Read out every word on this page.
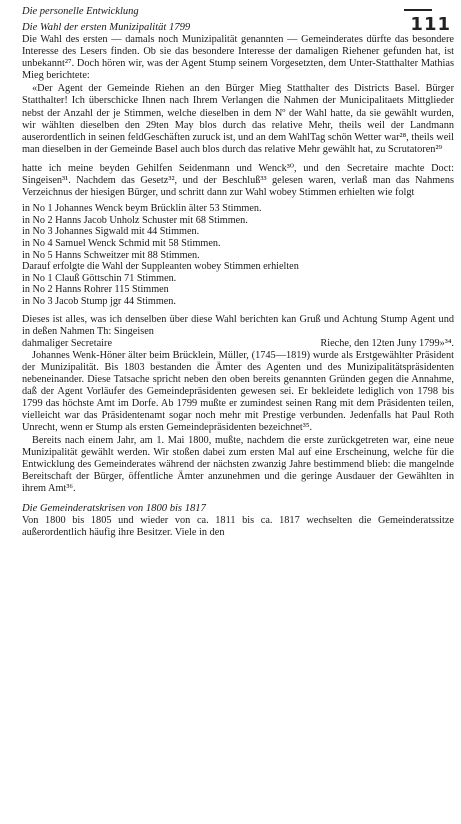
Die personelle Entwicklung
Die Wahl der ersten Munizipalität 1799

Die Wahl des ersten — damals noch Munizipalität genannten — Gemeinderates dürfte das besondere Interesse des Lesers finden. Ob sie das besondere Interesse der damaligen Riehener gefunden hat, ist unbekannt²⁷. Doch hören wir, was der Agent Stump seinem Vorgesetzten, dem Unter-Statthalter Mathias Mieg berichtete:

«Der Agent der Gemeinde Riehen an den Bürger Mieg Statthalter des Districts Basel. Bürger Statthalter! Ich überschicke Ihnen nach Ihrem Verlangen die Nahmen der Municipalitaets Mittglieder nebst der Anzahl der je Stimmen, welche dieselben in dem Nº der Wahl hatte, da sie gewählt wurden, wir wählten dieselben den 29ten May blos durch das relative Mehr, theils weil der Landmann auserordentlich in seinen feldGeschäften zuruck ist, und an dem WahlTag schön Wetter war²⁸, theils weil man dieselben in der Gemeinde Basel auch blos durch das relative Mehr gewählt hat, zu Scrutatoren²⁹

hatte ich meine beyden Gehilfen Seidenmann und Wenck³⁰, und den Secretaire machte Doct: Singeisen³¹. Nachdem das Gesetz³², und der Beschluß³³ gelesen waren, verlaß man das Nahmens Verzeichnus der hiesigen Bürger, und schritt dann zur Wahl wobey Stimmen erhielten wie folgt

in No 1 Johannes Wenck beym Brücklin älter 53 Stimmen.
in No 2 Hanns Jacob Unholz Schuster mit 68 Stimmen.
in No 3 Johannes Sigwald mit 44 Stimmen.
in No 4 Samuel Wenck Schmid mit 58 Stimmen.
in No 5 Hanns Schweitzer mit 88 Stimmen.
Darauf erfolgte die Wahl der Suppleanten wobey Stimmen erhielten
in No 1 Clauß Göttschin 71 Stimmen.
in No 2 Hanns Rohrer 115 Stimmen
in No 3 Jacob Stump jgr 44 Stimmen.

Dieses ist alles, was ich denselben über diese Wahl berichten kan Gruß und Achtung Stump Agent und in deßen Nahmen Th: Singeisen

dahmaliger Secretaire	Rieche, den 12ten Juny 1799»³⁴.

Johannes Wenk-Höner älter beim Brücklein, Müller, (1745—1819) wurde als Erstgewählter Präsident der Munizipalität. Bis 1803 bestanden die Ämter des Agenten und des Munizipalitätspräsidenten nebeneinander. Diese Tatsache spricht neben den oben bereits genannten Gründen gegen die Annahme, daß der Agent Vorläufer des Gemeindepräsidenten gewesen sei. Er bekleidete lediglich von 1798 bis 1799 das höchste Amt im Dorfe. Ab 1799 mußte er zumindest seinen Rang mit dem Präsidenten teilen, vielleicht war das Präsidentenamt sogar noch mehr mit Prestige verbunden. Jedenfalls hat Paul Roth Unrecht, wenn er Stump als ersten Gemeindepräsidenten bezeichnet³⁵.

Bereits nach einem Jahr, am 1. Mai 1800, mußte, nachdem die erste zurückgetreten war, eine neue Munizipalität gewählt werden. Wir stoßen dabei zum ersten Mal auf eine Erscheinung, welche für die Entwicklung des Gemeinderates während der nächsten zwanzig Jahre bestimmend blieb: die mangelnde Bereitschaft der Bürger, öffentliche Ämter anzunehmen und die geringe Ausdauer der Gewählten in ihrem Amt³⁶.

Die Gemeinderatskrisen von 1800 bis 1817

Von 1800 bis 1805 und wieder von ca. 1811 bis ca. 1817 wechselten die Gemeinderatssitze außerordentlich häufig ihre Besitzer. Viele in den

111
